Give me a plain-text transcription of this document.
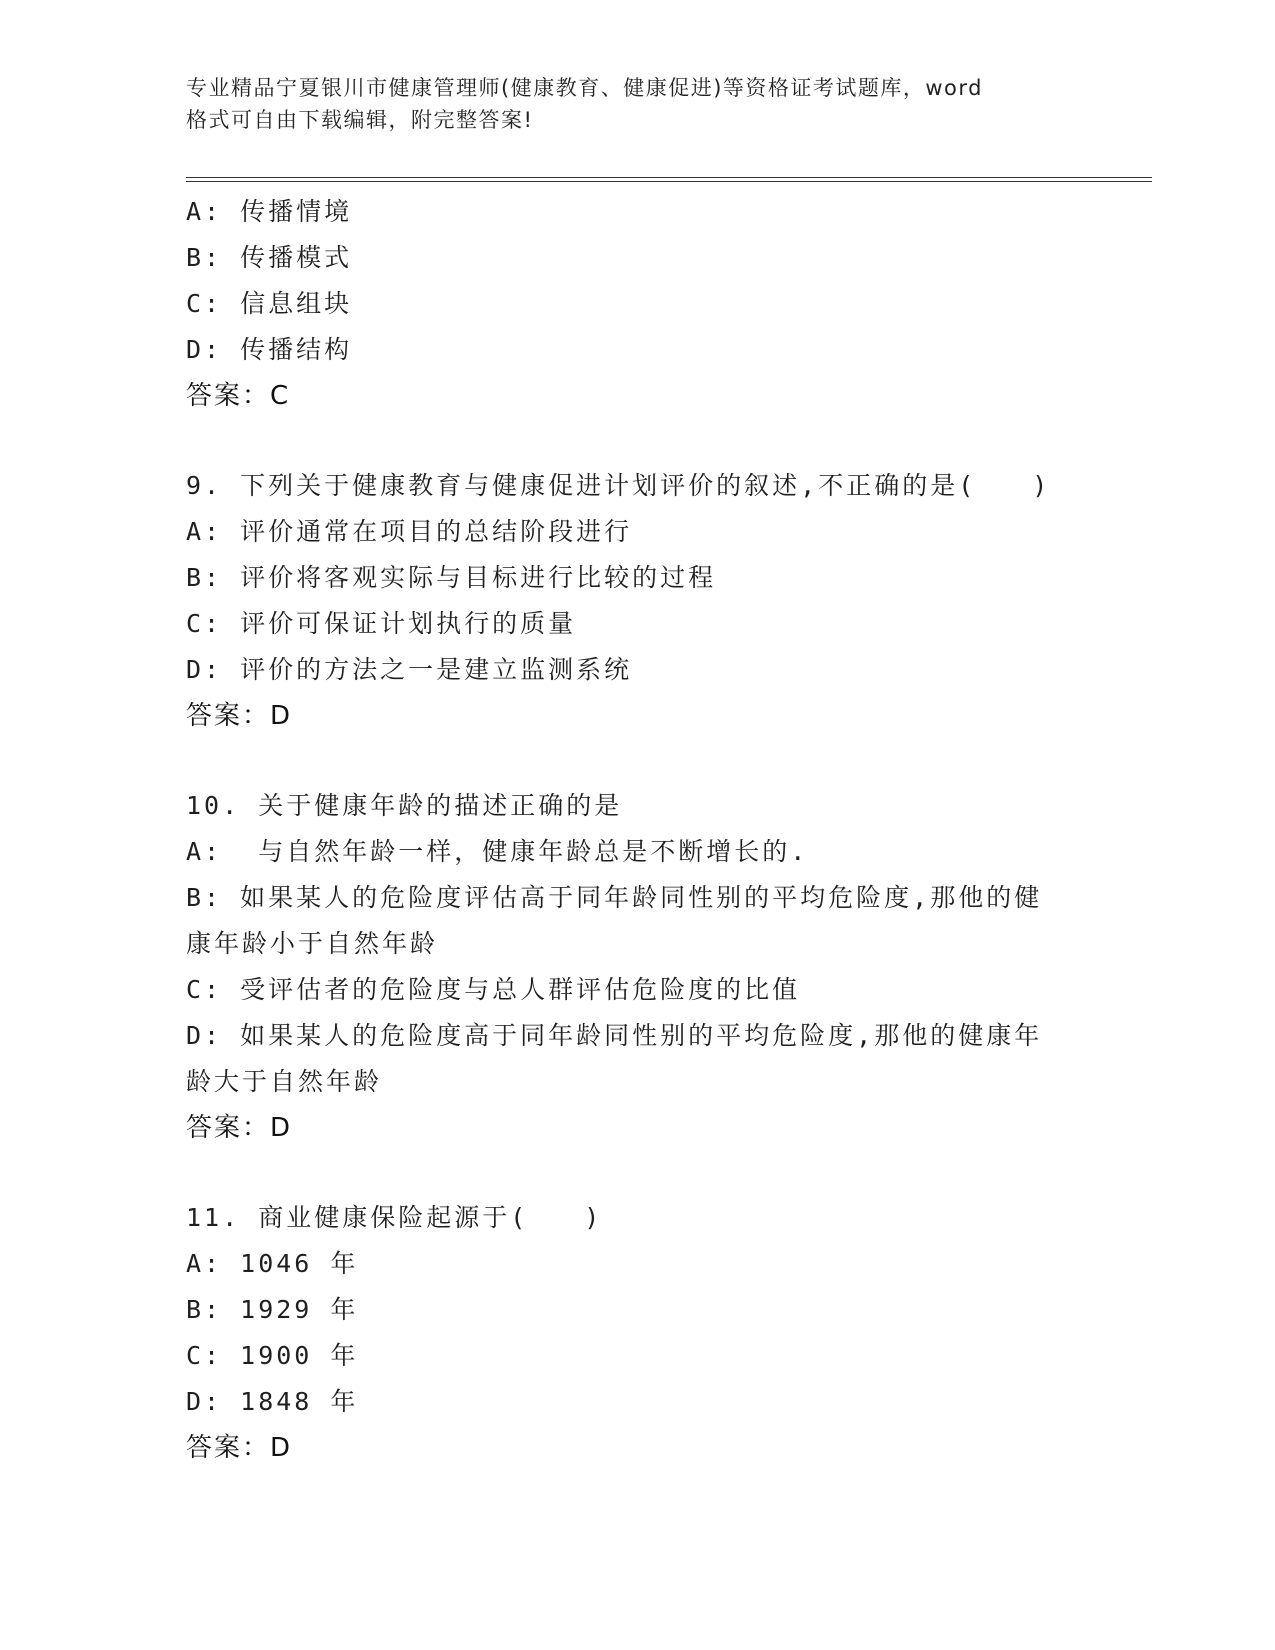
专业精品宁夏银川市健康管理师(健康教育、健康促进)等资格证考试题库，word
格式可自由下载编辑，附完整答案!
A: 传播情境
B: 传播模式
C: 信息组块
D: 传播结构
答案：C
9. 下列关于健康教育与健康促进计划评价的叙述,不正确的是(　　)
A: 评价通常在项目的总结阶段进行
B: 评价将客观实际与目标进行比较的过程
C: 评价可保证计划执行的质量
D: 评价的方法之一是建立监测系统
答案：D
10. 关于健康年龄的描述正确的是
A:  与自然年龄一样，健康年龄总是不断增长的.
B: 如果某人的危险度评估高于同年龄同性别的平均危险度,那他的健康年龄小于自然年龄
C: 受评估者的危险度与总人群评估危险度的比值
D: 如果某人的危险度高于同年龄同性别的平均危险度,那他的健康年龄大于自然年龄
答案：D
11. 商业健康保险起源于(　　)
A: 1046 年
B: 1929 年
C: 1900 年
D: 1848 年
答案：D
